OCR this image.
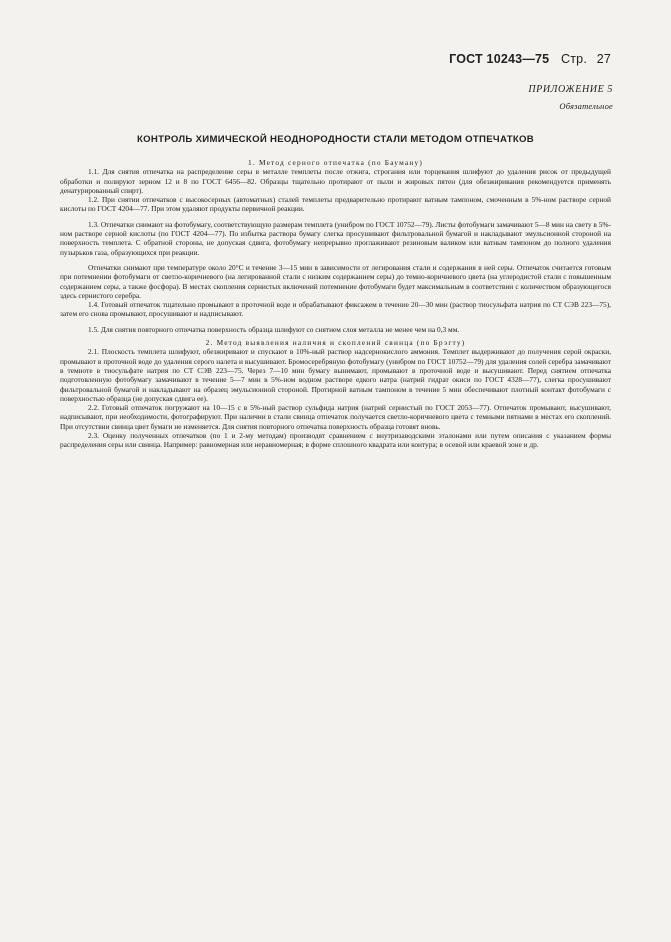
ГОСТ 10243—75 Стр. 27
ПРИЛОЖЕНИЕ 5
Обязательное
КОНТРОЛЬ ХИМИЧЕСКОЙ НЕОДНОРОДНОСТИ СТАЛИ МЕТОДОМ ОТПЕЧАТКОВ

1. Метод серного отпечатка (по Бауману)

1.1. Для снятия отпечатка на распределение серы в металле темплеты после отжига, строгания или торцевания шлифуют до удаления рисок от предыдущей обработки и полируют зерном 12 и 8 по ГОСТ 6456—82. Образцы тщательно протирают от пыли и жировых пятен (для обезжиривания рекомендуется применять денатурированный спирт).

1.2. При снятии отпечатков с высокосерных (автоматных) сталей темплеты предварительно протирают ватным тампоном, смоченным в 5%-ном растворе серной кислоты по ГОСТ 4204—77. При этом удаляют продукты первичной реакции.

1.3. Отпечатки снимают на фотобумагу, соответствующую размерам темплета (унибром по ГОСТ 10752—79). Листы фотобумаги замачивают 5—8 мин на свету в 5%-ном растворе серной кислоты (по ГОСТ 4204—77). По избытка раствора бумагу слегка просушивают фильтровальной бумагой и накладывают эмульсионной стороной на поверхность темплета. С обратной стороны, не допуская сдвига, фотобумагу непрерывно проглаживают резиновым валиком или ватным тампоном до полного удаления пузырьков газа, образующихся при реакции.

Отпечатки снимают при температуре около 20°С и течение 3—15 мин в зависимости от легирования стали и содержания в ней серы. Отпечаток считается готовым при потемнении фотобумаги от светло-коричневого (на легированной стали с низким содержанием серы) до темно-коричневого цвета (на углеродистой стали с повышенным содержанием серы, а также фосфора). В местах скопления сернистых включений потемнение фотобумаги будет максимальным в соответствии с количеством образующегося здесь сернистого серебра.

1.4. Готовый отпечаток тщательно промывают в проточной воде и обрабатывают фиксажем в течение 20—30 мин (раствор тиосульфата натрия по СТ СЭВ 223—75), затем его снова промывают, просушивают и надписывают.

1.5. Для снятия повторного отпечатка поверхность образца шлифуют со снятием слоя металла не менее чем на 0,3 мм.

2. Метод выявления наличия и скоплений свинца (по Брэгту)

2.1. Плоскость темплета шлифуют, обезжиривают и спускают в 10%-ный раствор надсернокислого аммония. Темплет выдерживают до получения серой окраски, промывают в проточной воде до удаления серого налета и высушивают. Бромосеребряную фотобумагу (унибром по ГОСТ 10752—79) для удаления солей серебра замачивают в темноте в тиосульфате натрия по СТ СЭВ 223—75. Через 7—10 мин бумагу вынимают, промывают в проточной воде и высушивают. Перед снятием отпечатка подготовленную фотобумагу замачивают в течение 5—7 мин в 5%-ном водном растворе едкого натра (натрий гидрат окиси по ГОСТ 4328—77), слегка просушивают фильтровальной бумагой и накладывают на образец эмульсионной стороной. Протирной ватным тампоном в течение 5 мин обеспечивают плотный контакт фотобумаги с поверхностью образца (не допуская сдвига ее).

2.2. Готовый отпечаток погружают на 10—15 с в 5%-ный раствор сульфида натрия (натрий сернистый по ГОСТ 2053—77). Отпечаток промывают, высушивают, надписывают, при необходимости, фотографируют. При наличии в стали свинца отпечаток получается светло-коричневого цвета с темными пятнами в местах его скоплений. При отсутствии свинца цвет бумаги не изменяется. Для снятия повторного отпечатка поверхность образца готовят вновь.

2.3. Оценку полученных отпечатков (по 1 и 2-му методам) производят сравнением с внутризаводскими эталонами или путем описания с указанием формы распределения серы или свинца. Например: равномерная или неравномерная; в форме сплошного квадрата или контура; в осевой или краевой зоне и др.
